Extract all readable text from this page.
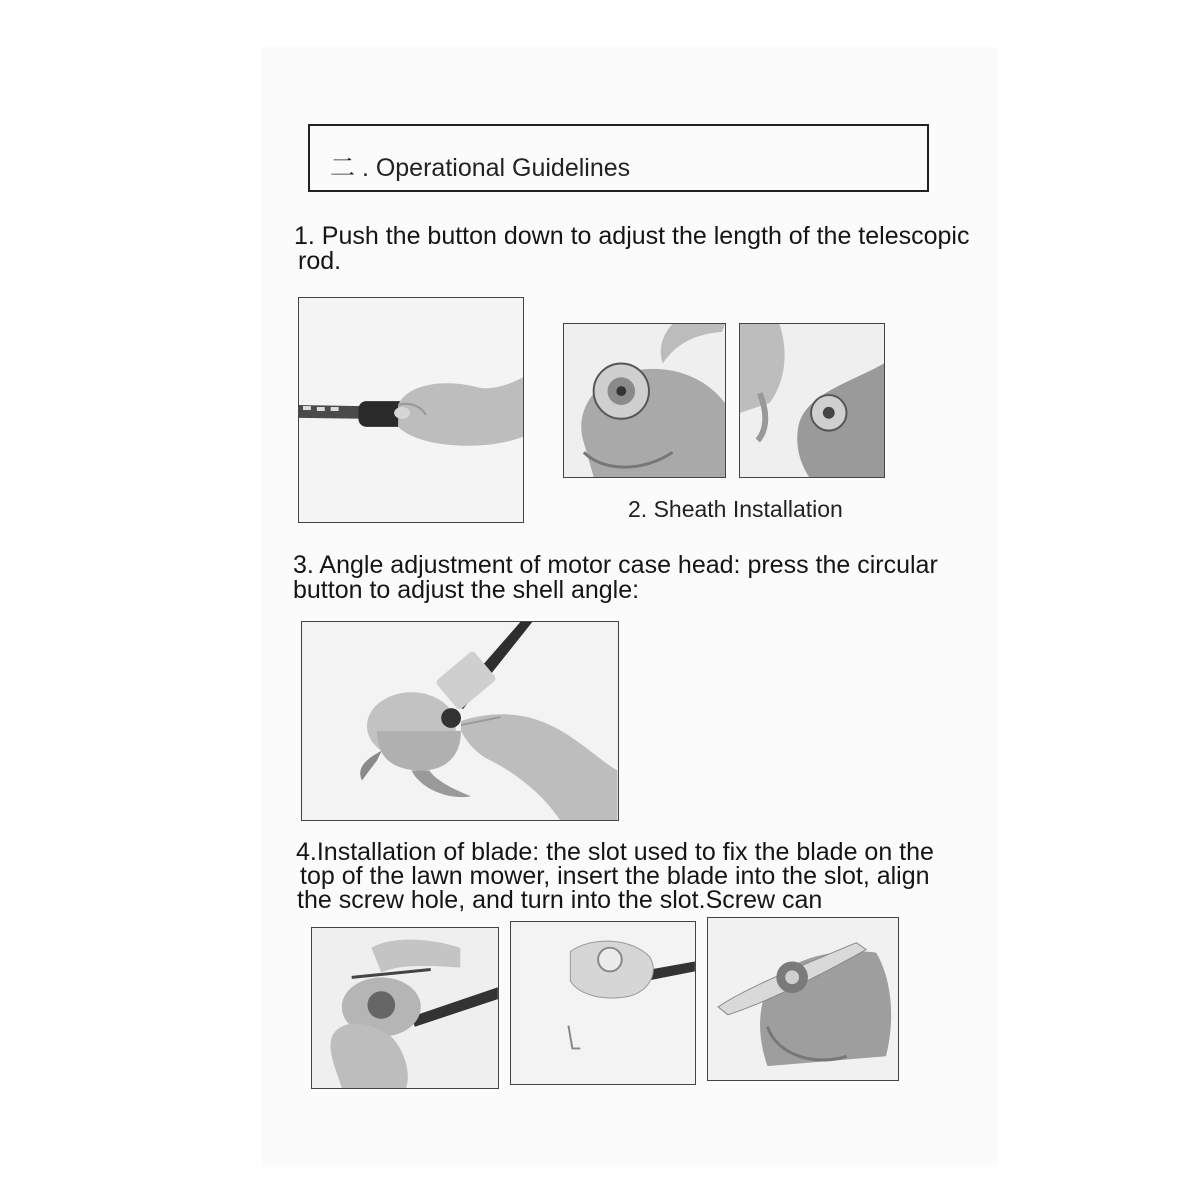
二 . Operational Guidelines
1. Push the button down to adjust the length of the telescopic
rod.
2. Sheath Installation
3. Angle adjustment of motor case head: press the circular
button to adjust the shell angle:
4.Installation of blade: the slot used to fix the blade on the
top of the lawn mower, insert the blade into the slot, align
the screw hole, and turn into the slot.Screw can
